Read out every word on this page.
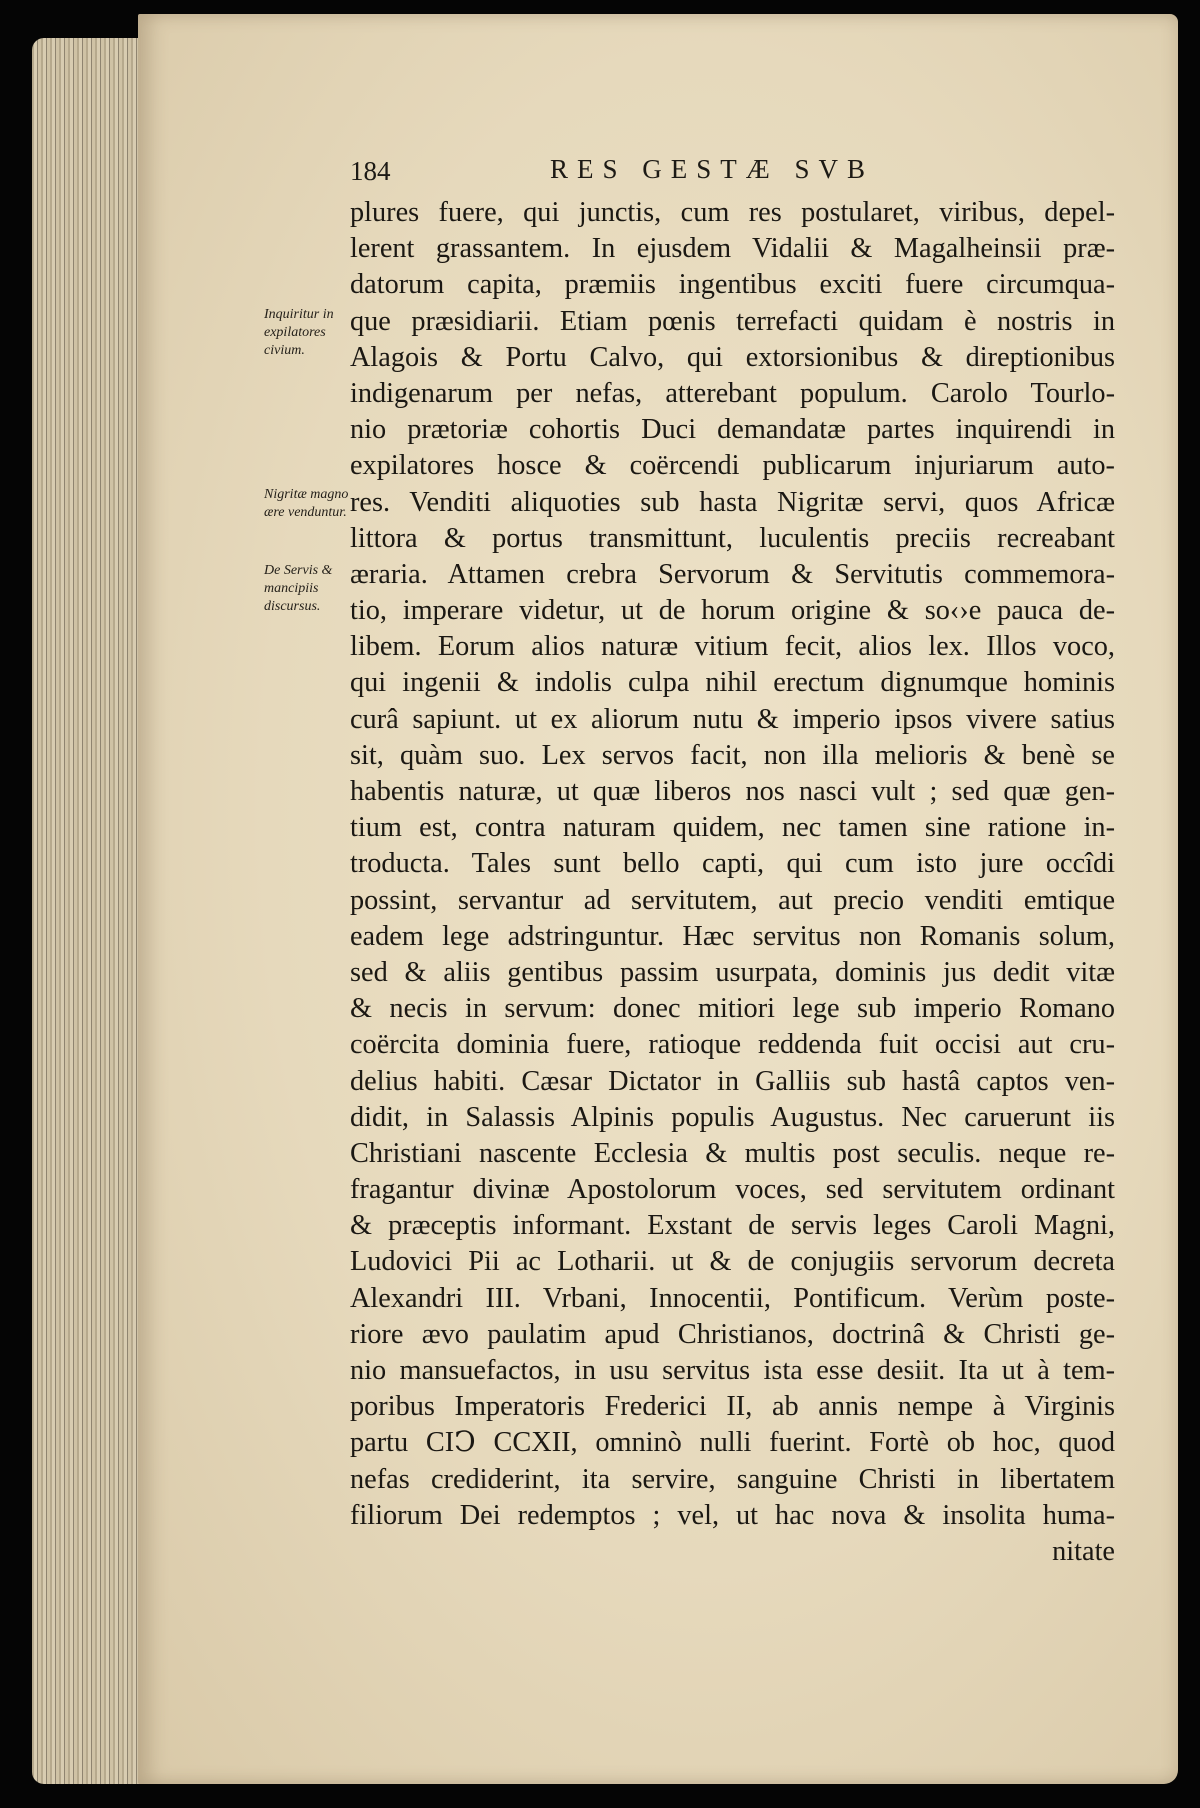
184	RES GESTÆ SVB
Inquiritur in expilatores civium.
Nigritæ magno ære venduntur.
De Servis & mancipiis discursus.
plures fuere, qui junctis, cum res postularet, viribus, depel-
lerent grassantem. In ejusdem Vidalii & Magalheinsii præ-
datorum capita, præmiis ingentibus exciti fuere circumqua-
que præsidiarii. Etiam pœnis terrefacti quidam è nostris in
Alagois & Portu Calvo, qui extorsionibus & direptionibus
indigenarum per nefas, atterebant populum. Carolo Tourlo-
nio prætoriæ cohortis Duci demandatæ partes inquirendi in
expilatores hosce & coërcendi publicarum injuriarum auto-
res. Venditi aliquoties sub hasta Nigritæ servi, quos Africæ
littora & portus transmittunt, luculentis preciis recreabant
æraria. Attamen crebra Servorum & Servitutis commemora-
tio, imperare videtur, ut de horum origine & so‹›e pauca de-
libem. Eorum alios naturæ vitium fecit, alios lex. Illos voco,
qui ingenii & indolis culpa nihil erectum dignumque hominis
curâ sapiunt. ut ex aliorum nutu & imperio ipsos vivere satius
sit, quàm suo. Lex servos facit, non illa melioris & benè se
habentis naturæ, ut quæ liberos nos nasci vult ; sed quæ gen-
tium est, contra naturam quidem, nec tamen sine ratione in-
troducta. Tales sunt bello capti, qui cum isto jure occîdi
possint, servantur ad servitutem, aut precio venditi emtique
eadem lege adstringuntur. Hæc servitus non Romanis solum,
sed & aliis gentibus passim usurpata, dominis jus dedit vitæ
& necis in servum: donec mitiori lege sub imperio Romano
coërcita dominia fuere, ratioque reddenda fuit occisi aut cru-
delius habiti. Cæsar Dictator in Galliis sub hastâ captos ven-
didit, in Salassis Alpinis populis Augustus. Nec caruerunt iis
Christiani nascente Ecclesia & multis post seculis. neque re-
fragantur divinæ Apostolorum voces, sed servitutem ordinant
& præceptis informant. Exstant de servis leges Caroli Magni,
Ludovici Pii ac Lotharii. ut & de conjugiis servorum decreta
Alexandri III. Vrbani, Innocentii, Pontificum. Verùm poste-
riore ævo paulatim apud Christianos, doctrinâ & Christi ge-
nio mansuefactos, in usu servitus ista esse desiit. Ita ut à tem-
poribus Imperatoris Frederici II, ab annis nempe à Virginis
partu CIↃ CCXII, omninò nulli fuerint. Fortè ob hoc, quod
nefas crediderint, ita servire, sanguine Christi in libertatem
filiorum Dei redemptos ; vel, ut hac nova & insolita huma-
nitate
